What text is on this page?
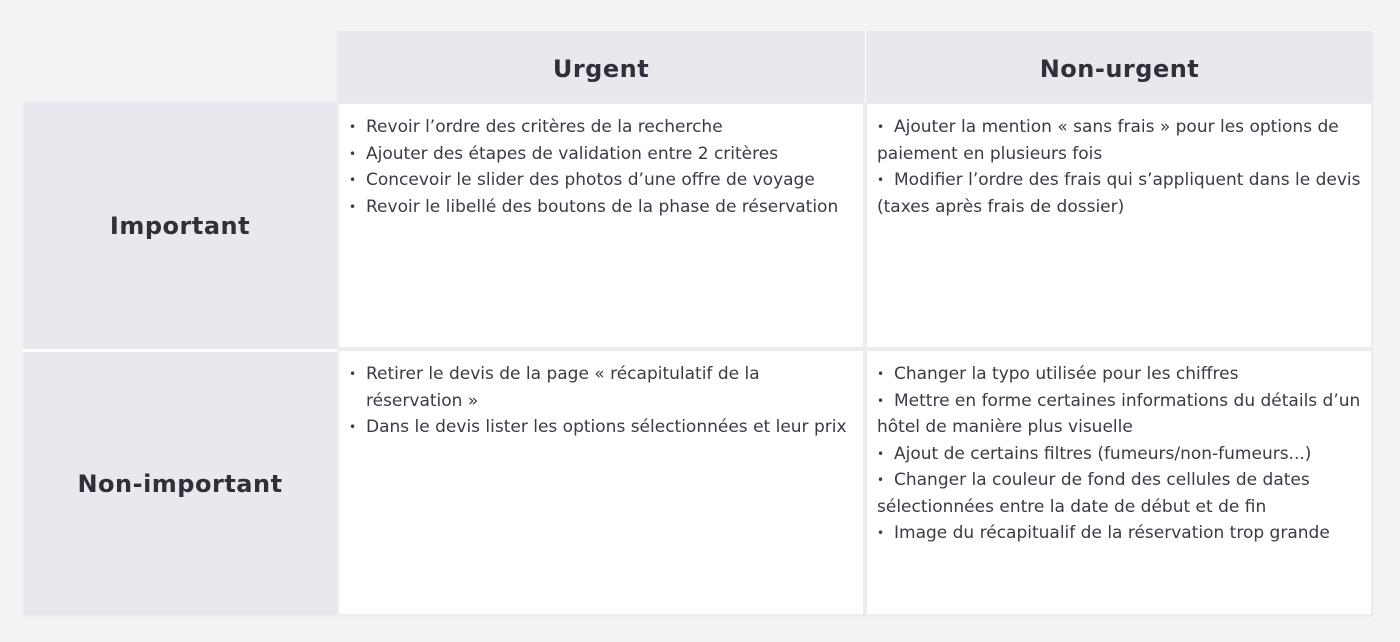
Urgent	Non-urgent
Important
• Revoir l’ordre des critères de la recherche
• Ajouter des étapes de validation entre 2 critères
• Concevoir le slider des photos d’une offre de voyage
• Revoir le libellé des boutons de la phase de réservation
• Ajouter la mention « sans frais » pour les options de paiement en plusieurs fois
• Modifier l’ordre des frais qui s’appliquent dans le devis (taxes après frais de dossier)
Non-important
• Retirer le devis de la page « récapitulatif de la réservation »
• Dans le devis lister les options sélectionnées et leur prix
• Changer la typo utilisée pour les chiffres
• Mettre en forme certaines informations du détails d’un hôtel de manière plus visuelle
• Ajout de certains filtres (fumeurs/non-fumeurs...)
• Changer la couleur de fond des cellules de dates sélectionnées entre la date de début et de fin
• Image du récapitualif de la réservation trop grande
